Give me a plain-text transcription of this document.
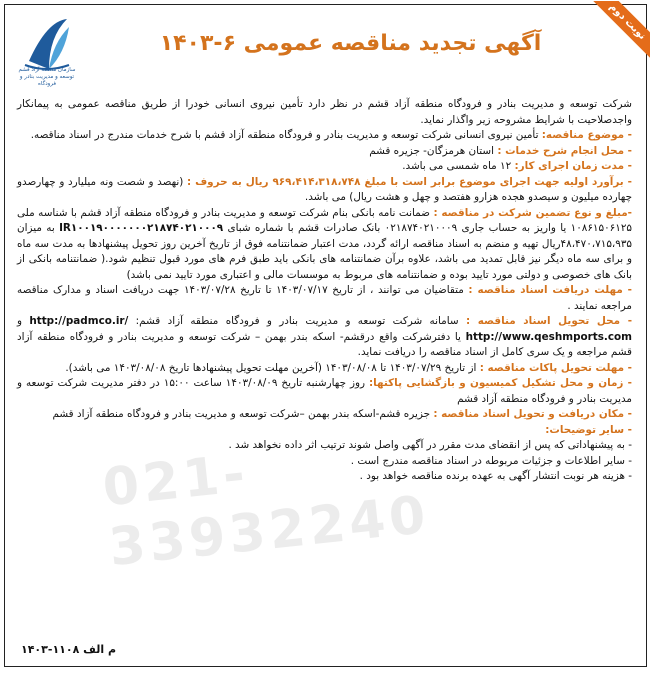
سازمان منطقه آزاد قشم توسعه و مدیریت بنادر و فرودگاه
نوبت دوم
آگهی تجدید مناقصه عمومی ۶-۱۴۰۳

شرکت توسعه و مدیریت بنادر و فرودگاه منطقه آزاد قشم در نظر دارد تأمین نیروی انسانی خودرا از طریق مناقصه عمومی به پیمانکار واجدصلاحیت با شرایط مشروحه زیر واگذار نماید.

- موضوع مناقصه: تأمین نیروی انسانی شرکت توسعه و مدیریت بنادر و فرودگاه منطقه آزاد قشم با شرح خدمات مندرج در اسناد مناقصه.

- محل انجام شرح خدمات : استان هرمزگان- جزیره قشم

- مدت زمان اجرای کار: ۱۲ ماه شمسی می باشد.

- برآورد اولیه جهت اجرای موضوع برابر است با مبلغ ۹۶۹،۴۱۴،۳۱۸،۷۴۸ ریال به حروف : (نهصد و شصت ونه میلیارد و چهارصدو چهارده میلیون و سیصدو هجده هزارو هفتصد و چهل و هشت ریال) می باشد.

-مبلغ و نوع تضمین شرکت در مناقصه : ضمانت نامه بانکی بنام شرکت توسعه و مدیریت بنادر و فرودگاه منطقه آزاد قشم با شناسه ملی ۱۰۸۶۱۵۰۶۱۲۵ یا واریز به حساب جاری ۰۲۱۸۷۴۰۲۱۰۰۰۹ بانک صادرات قشم با شماره شبای IR۱۰۰۱۹۰۰۰۰۰۰۰۲۱۸۷۴۰۲۱۰۰۰۹ به میزان ۴۸،۴۷۰،۷۱۵،۹۳۵ریال تهیه و منضم به اسناد مناقصه ارائه گردد، مدت اعتبار ضمانتنامه فوق از تاریخ آخرین روز تحویل پیشنهادها به مدت سه ماه و برای سه ماه دیگر نیز قابل تمدید می باشد، علاوه برآن ضمانتنامه های بانکی باید طبق فرم های مورد قبول تنظیم شود.( ضمانتنامه بانکی از بانک های خصوصی و دولتی مورد تایید بوده و ضمانتنامه های مربوط به موسسات مالی و اعتباری مورد تایید نمی باشد)

- مهلت دریافت اسناد مناقصه : متقاضیان می توانند ، از تاریخ ۱۴۰۳/۰۷/۱۷ تا تاریخ ۱۴۰۳/۰۷/۲۸ جهت دریافت اسناد و مدارک مناقصه مراجعه نمایند .

- محل تحویل اسناد مناقصه : سامانه شرکت توسعه و مدیریت بنادر و فرودگاه منطقه آزاد قشم: http://padmco.ir/ و http://www.qeshmports.com یا دفترشرکت واقع درقشم- اسکه بندر بهمن – شرکت توسعه و مدیریت بنادر و فرودگاه منطقه آزاد قشم مراجعه و یک سری کامل از اسناد مناقصه را دریافت نماید.

- مهلت تحویل پاکات مناقصه : از تاریخ ۱۴۰۳/۰۷/۲۹ تا ۱۴۰۳/۰۸/۰۸ (آخرین مهلت تحویل پیشنهادها تاریخ ۱۴۰۳/۰۸/۰۸ می باشد).

- زمان و محل تشکیل کمیسیون و بازگشایی پاکتها: روز چهارشنبه تاریخ ۱۴۰۳/۰۸/۰۹ ساعت ۱۵:۰۰ در دفتر مدیریت شرکت توسعه و مدیریت بنادر و فرودگاه منطقه آزاد قشم

- مکان دریافت و تحویل اسناد مناقصه : جزیره قشم-اسکه بندر بهمن –شرکت توسعه و مدیریت بنادر و فرودگاه منطقه آزاد قشم

- سایر توضیحات:

- به پیشنهاداتی که پس از انقضای مدت مقرر در آگهی واصل شوند ترتیب اثر داده نخواهد شد .

- سایر اطلاعات و جزئیات مربوطه در اسناد مناقصه مندرج است .

- هزینه هر نوبت انتشار آگهی به عهده برنده مناقصه خواهد بود .

021-33932240
م الف ۱۱۰۸-۱۴۰۳
